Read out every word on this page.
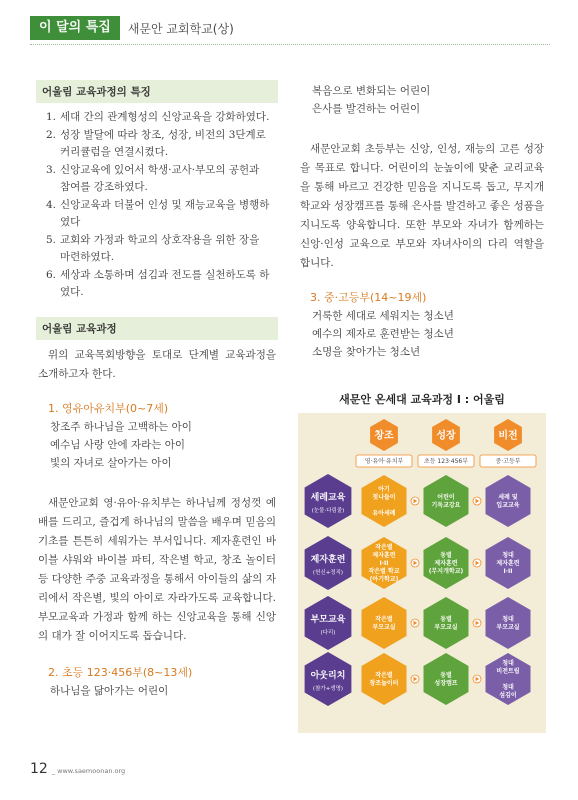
이 달의 특집	새문안 교회학교(상)
어울림 교육과정의 특징
1. 세대 간의 관계형성의 신앙교육을 강화하였다.
2. 성장 발달에 따라 창조, 성장, 비전의 3단계로 커리큘럼을 연결시켰다.
3. 신앙교육에 있어서 학생·교사·부모의 공헌과 참여를 강조하였다.
4. 신앙교육과 더불어 인성 및 재능교육을 병행하였다
5. 교회와 가정과 학교의 상호작용을 위한 장을 마련하였다.
6. 세상과 소통하며 섬김과 전도를 실천하도록 하였다.
어울림 교육과정
위의 교육목회방향을 토대로 단계별 교육과정을 소개하고자 한다.
1. 영유아유치부(0~7세)
창조주 하나님을 고백하는 아이
예수님 사랑 안에 자라는 아이
빛의 자녀로 살아가는 아이
새문안교회 영·유아·유치부는 하나님께 정성껏 예배를 드리고, 즐겁게 하나님의 말씀을 배우며 믿음의 기초를 튼튼히 세워가는 부서입니다. 제자훈련인 바이블 샤워와 바이블 파티, 작은별 학교, 창조 놀이터 등 다양한 주중 교육과정을 통해서 아이들의 삶의 자리에서 작은별, 빛의 아이로 자라가도록 교육합니다. 부모교육과 가정과 함께 하는 신앙교육을 통해 신앙의 대가 잘 이어지도록 돕습니다.
2. 초등 123·456부(8~13세)
하나님을 닮아가는 어린이
복음으로 변화되는 어린이
은사를 발견하는 어린이
새문안교회 초등부는 신앙, 인성, 재능의 고른 성장을 목표로 합니다. 어린이의 눈높이에 맞춘 교리교육을 통해 바르고 건강한 믿음을 지니도록 돕고, 무지개학교와 성장캠프를 통해 은사를 발견하고 좋은 성품을 지니도록 양육합니다. 또한 부모와 자녀가 함께하는 신앙·인성 교육으로 부모와 자녀사이의 다리 역할을 합니다.
3. 중·고등부(14~19세)
거룩한 세대로 세워지는 청소년
예수의 제자로 훈련받는 청소년
소명을 찾아가는 청소년
새문안 온세대 교육과정 I : 어울림
창조
영·유아·유치부
성장
초등 123·456부
비전
중·고등부
세례교육
(눈물·다림줄)
아기
첫나들이
유아세례
어린이
기독교강요
세례 및
입교교육
제자훈련
(헌신+정직)
작은별
제자훈련
I·II
작은별 학교
(아기학교)
동별
제자훈련
(무지개학교)
청대
제자훈련
I·II
부모교육
(다리)
작은별
부모교실
동별
부모교실
청대
부모교실
아웃리치
(참가+생명)
작은별
창조놀이터
동별
성장캠프
청대
비전트립
청대
섬김이
12 _ www.saemoonan.org
